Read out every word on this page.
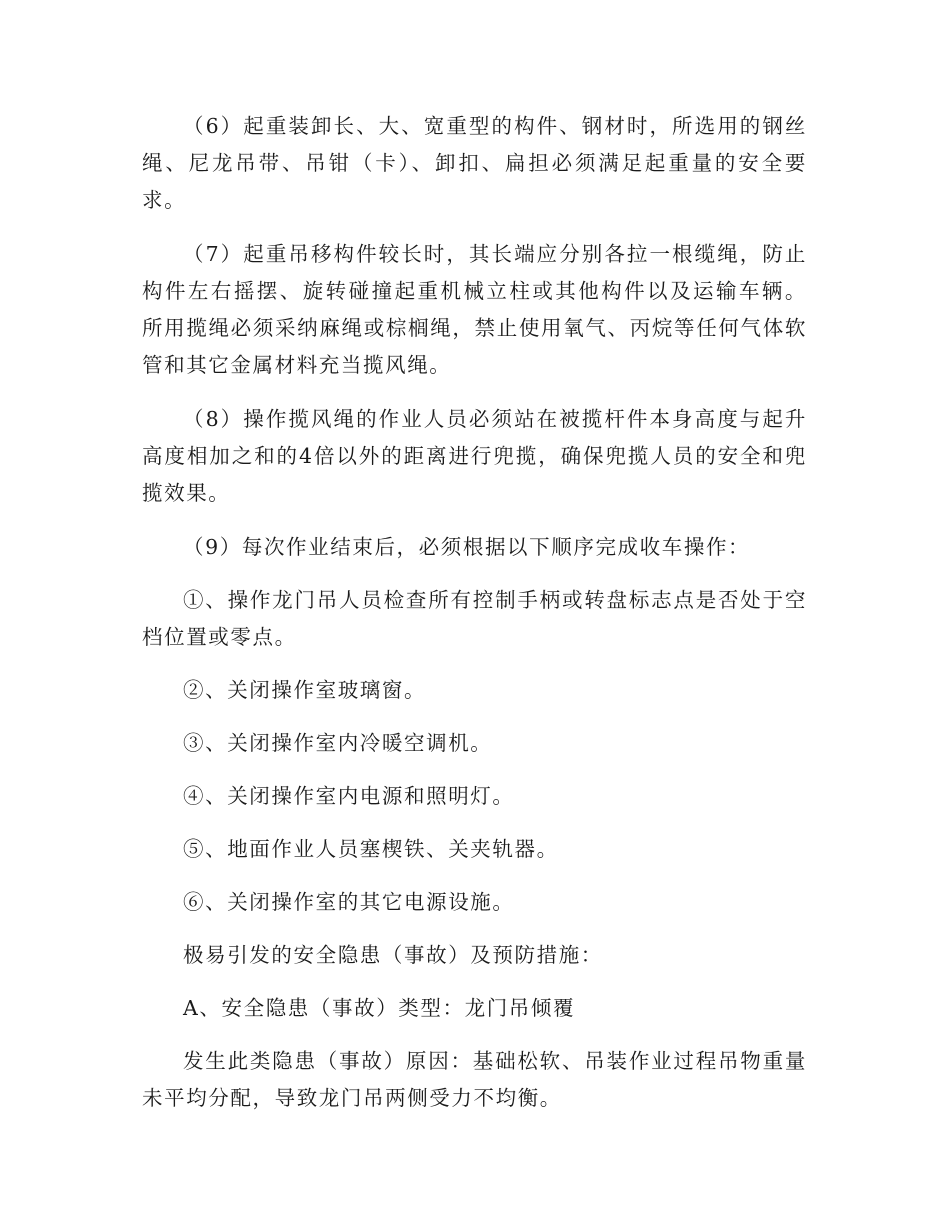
（6）起重装卸长、大、宽重型的构件、钢材时，所选用的钢丝绳、尼龙吊带、吊钳（卡）、卸扣、扁担必须满足起重量的安全要求。

（7）起重吊移构件较长时，其长端应分别各拉一根缆绳，防止构件左右摇摆、旋转碰撞起重机械立柱或其他构件以及运输车辆。 所用揽绳必须采纳麻绳或棕榈绳，禁止使用氧气、丙烷等任何气体软管和其它金属材料充当揽风绳。

（8）操作揽风绳的作业人员必须站在被揽杆件本身高度与起升高度相加之和的4倍以外的距离进行兜揽，确保兜揽人员的安全和兜揽效果。

（9）每次作业结束后，必须根据以下顺序完成收车操作：

①、操作龙门吊人员检查所有控制手柄或转盘标志点是否处于空档位置或零点。

②、关闭操作室玻璃窗。

③、关闭操作室内冷暖空调机。

④、关闭操作室内电源和照明灯。

⑤、地面作业人员塞楔铁、关夹轨器。

⑥、关闭操作室的其它电源设施。

极易引发的安全隐患（事故）及预防措施：

A、安全隐患（事故）类型：龙门吊倾覆

发生此类隐患（事故）原因：基础松软、吊装作业过程吊物重量未平均分配，导致龙门吊两侧受力不均衡。
